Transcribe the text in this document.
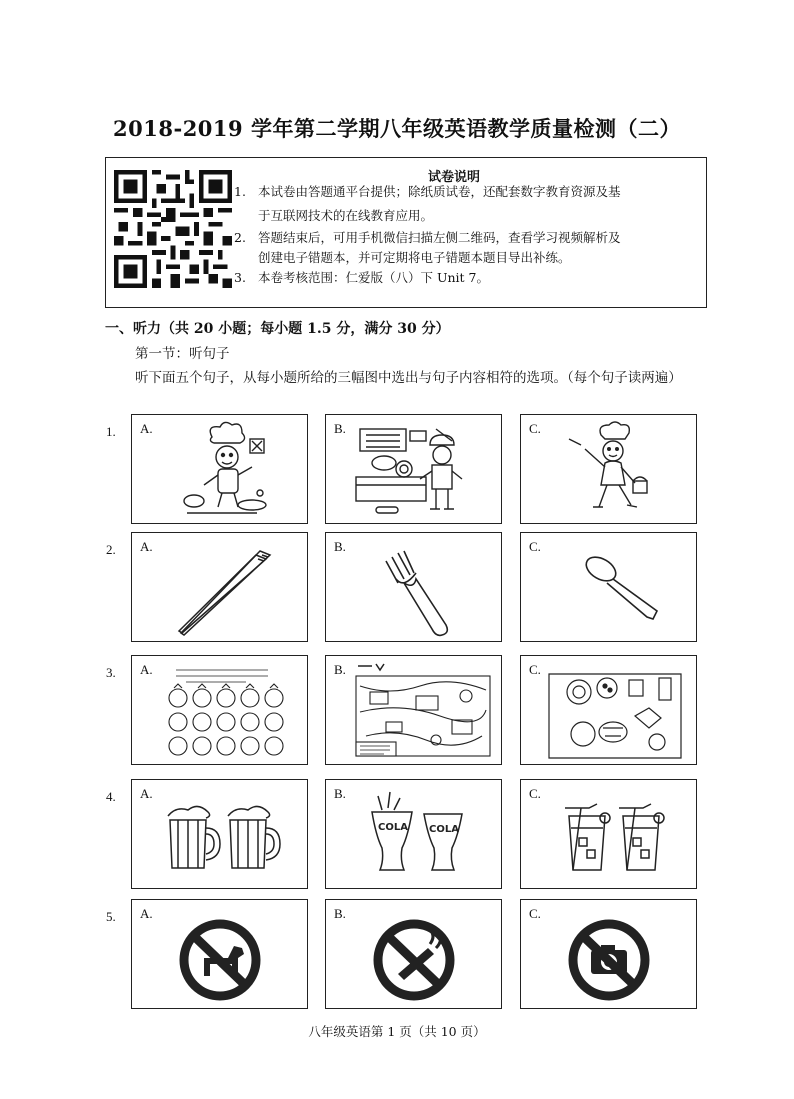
2018-2019 学年第二学期八年级英语教学质量检测（二）
试卷说明
1. 本试卷由答题通平台提供；除纸质试卷，还配套数字教育资源及基
于互联网技术的在线教育应用。
2. 答题结束后，可用手机微信扫描左侧二维码，查看学习视频解析及
创建电子错题本，并可定期将电子错题本题目导出补练。
3. 本卷考核范围：仁爱版（八）下 Unit 7。
一、听力（共 20 小题；每小题 1.5 分，满分 30 分）
第一节：听句子
听下面五个句子，从每小题所给的三幅图中选出与句子内容相符的选项。（每个句子读两遍）
1. A.	B.	C.
2. A.	B.	C.
3. A.	B.	C.
4. A.	B.
COLA COLA
C.
5. A.	B.	C.
八年级英语第 1 页（共 10 页）
